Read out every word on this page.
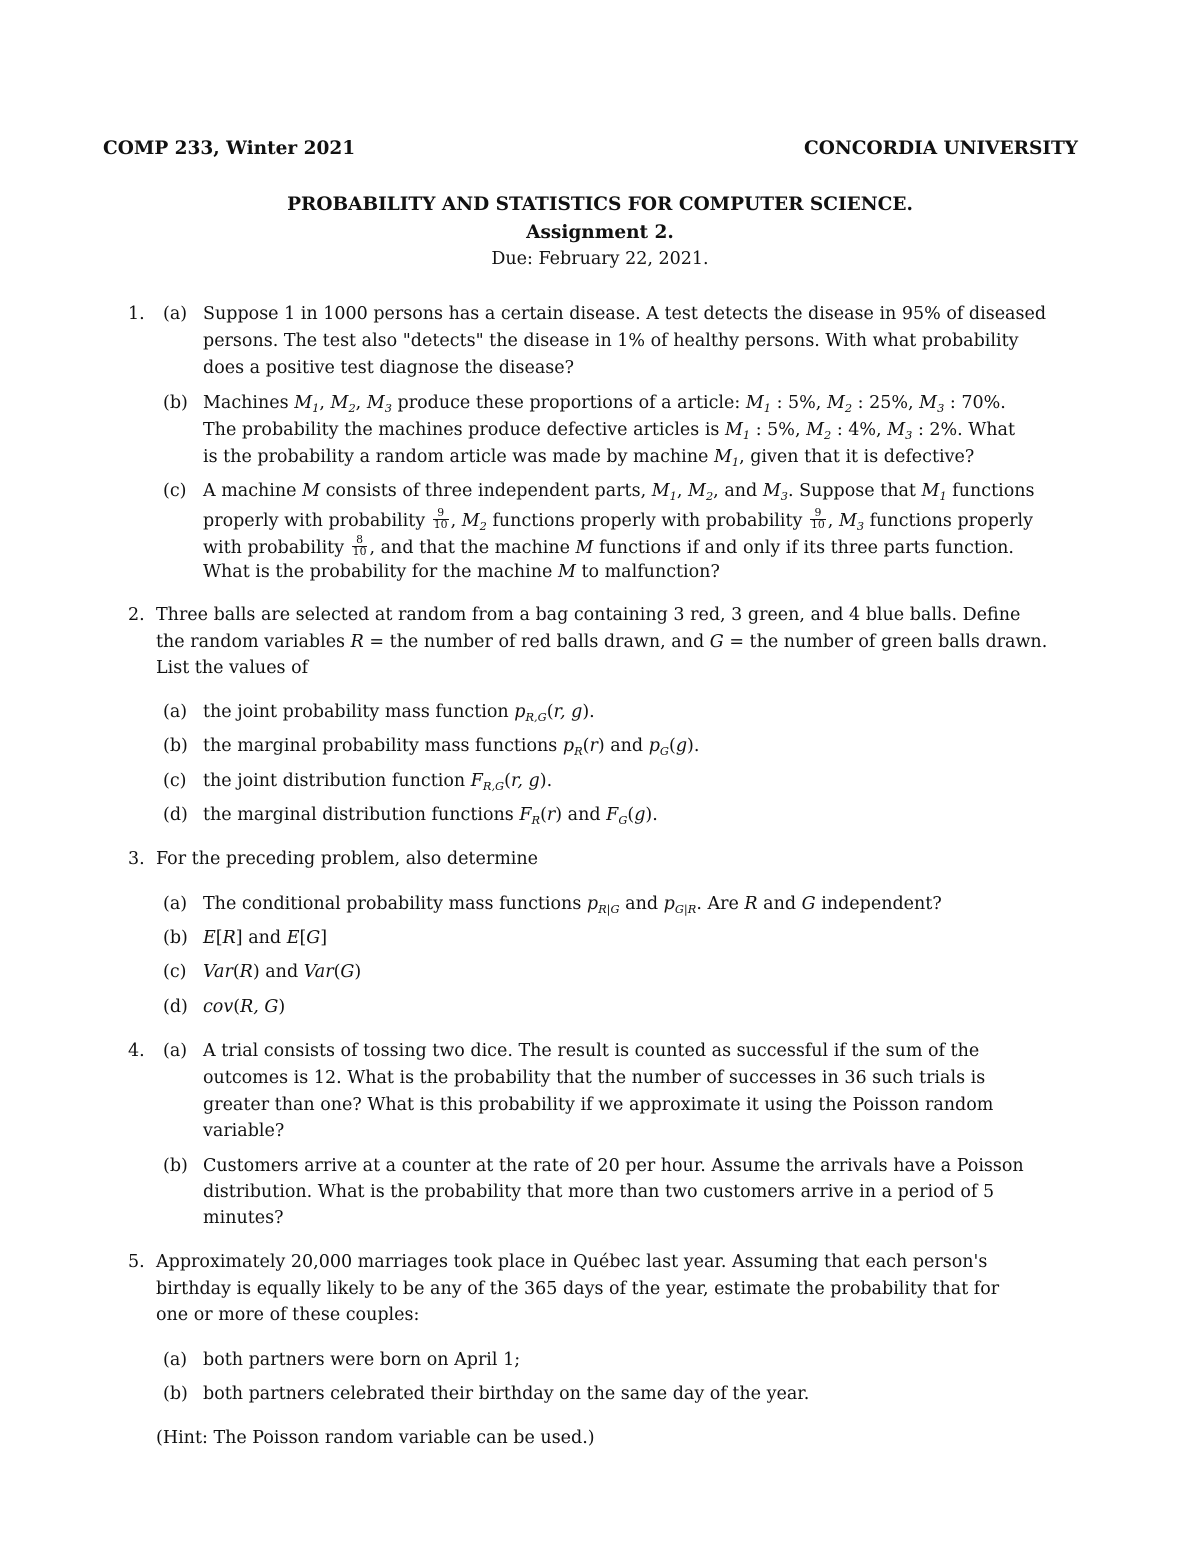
COMP 233, Winter 2021	CONCORDIA UNIVERSITY
PROBABILITY AND STATISTICS FOR COMPUTER SCIENCE.
Assignment 2.
Due: February 22, 2021.
1. (a) Suppose 1 in 1000 persons has a certain disease. A test detects the disease in 95% of diseased
persons. The test also "detects" the disease in 1% of healthy persons. With what probability
does a positive test diagnose the disease?
(b) Machines $M_1$, $M_2$, $M_3$ produce these proportions of a article: $M_1$ : 5%, $M_2$ : 25%, $M_3$ : 70%.
The probability the machines produce defective articles is $M_1$ : 5%, $M_2$ : 4%, $M_3$ : 2%. What
is the probability a random article was made by machine $M_1$, given that it is defective?
(c) A machine M consists of three independent parts, $M_1$, $M_2$, and $M_3$. Suppose that $M_1$ functions
properly with probability $\frac{9}{10}$ , $M_2$ functions properly with probability $\frac{9}{10}$ , $M_3$ functions properly
with probability $\frac{8}{10}$ , and that the machine M functions if and only if its three parts function.
What is the probability for the machine M to malfunction?
2. Three balls are selected at random from a bag containing 3 red, 3 green, and 4 blue balls. Define
the random variables R = the number of red balls drawn, and G = the number of green balls drawn.
List the values of
(a) the joint probability mass function $p_{R,G}(r$, g).
(b) the marginal probability mass functions $p_R(r)$ and $p_G(g)$.
(c) the joint distribution function $F_{R,G}(r$, g).
(d) the marginal distribution functions $F_R(r)$ and $F_G(g)$.
3. For the preceding problem, also determine
(a) The conditional probability mass functions $p_{R|G}$ and $p_{G|R}$. Are R and G independent?
(b) E[R] and E[G]
(c) Var(R) and Var(G)
(d) cov(R, G)
4. (a) A trial consists of tossing two dice. The result is counted as successful if the sum of the
outcomes is 12. What is the probability that the number of successes in 36 such trials is
greater than one? What is this probability if we approximate it using the Poisson random
variable?
(b) Customers arrive at a counter at the rate of 20 per hour. Assume the arrivals have a Poisson
distribution. What is the probability that more than two customers arrive in a period of 5
minutes?
5. Approximately 20,000 marriages took place in Québec last year. Assuming that each person's
birthday is equally likely to be any of the 365 days of the year, estimate the probability that for
one or more of these couples:
(a) both partners were born on April 1;
(b) both partners celebrated their birthday on the same day of the year.
(Hint: The Poisson random variable can be used.)
